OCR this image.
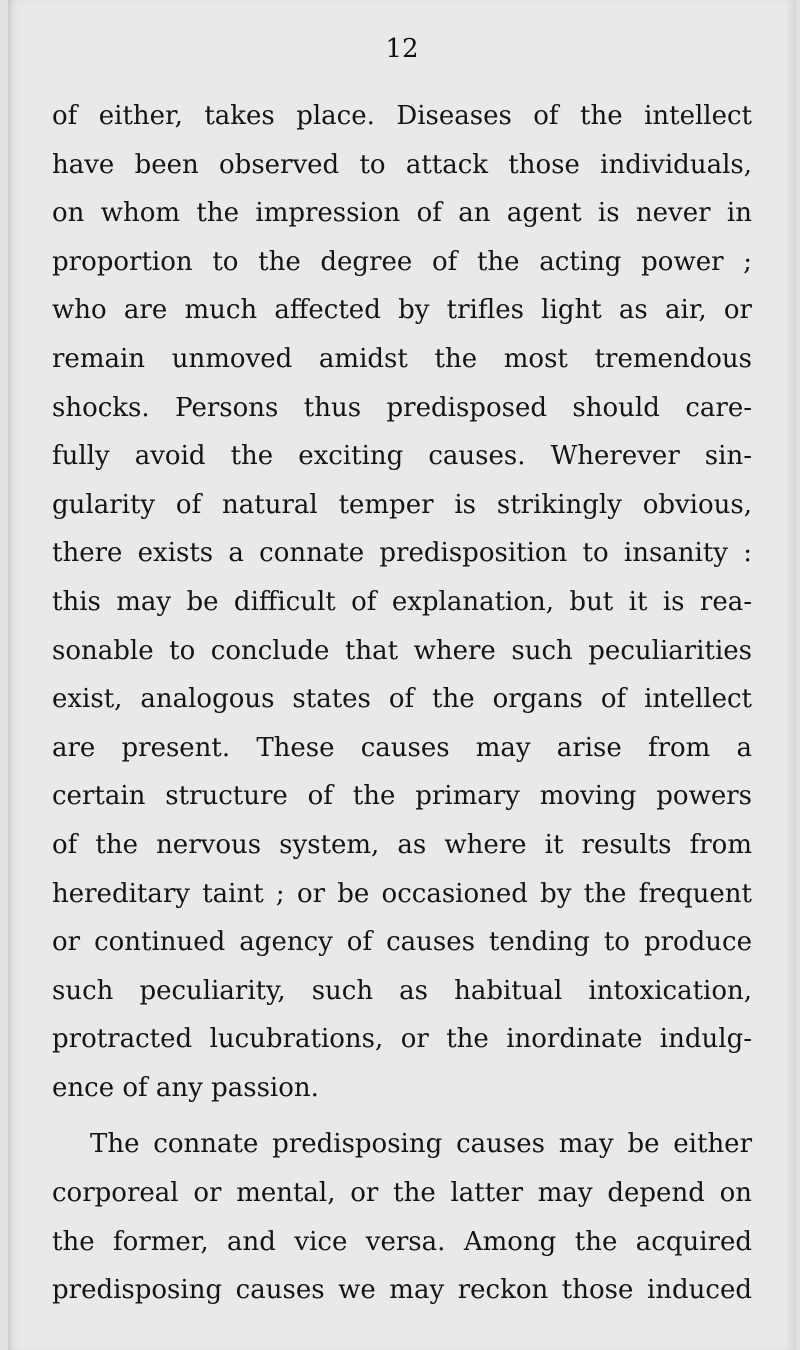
12
of either, takes place. Diseases of the intellect
have been observed to attack those individuals,
on whom the impression of an agent is never in
proportion to the degree of the acting power ;
who are much affected by trifles light as air, or
remain unmoved amidst the most tremendous
shocks. Persons thus predisposed should care-
fully avoid the exciting causes. Wherever sin-
gularity of natural temper is strikingly obvious,
there exists a connate predisposition to insanity :
this may be difficult of explanation, but it is rea-
sonable to conclude that where such peculiarities
exist, analogous states of the organs of intellect
are present. These causes may arise from a
certain structure of the primary moving powers
of the nervous system, as where it results from
hereditary taint ; or be occasioned by the frequent
or continued agency of causes tending to produce
such peculiarity, such as habitual intoxication,
protracted lucubrations, or the inordinate indulg-
ence of any passion.
The connate predisposing causes may be either
corporeal or mental, or the latter may depend on
the former, and vice versa. Among the acquired
predisposing causes we may reckon those induced
